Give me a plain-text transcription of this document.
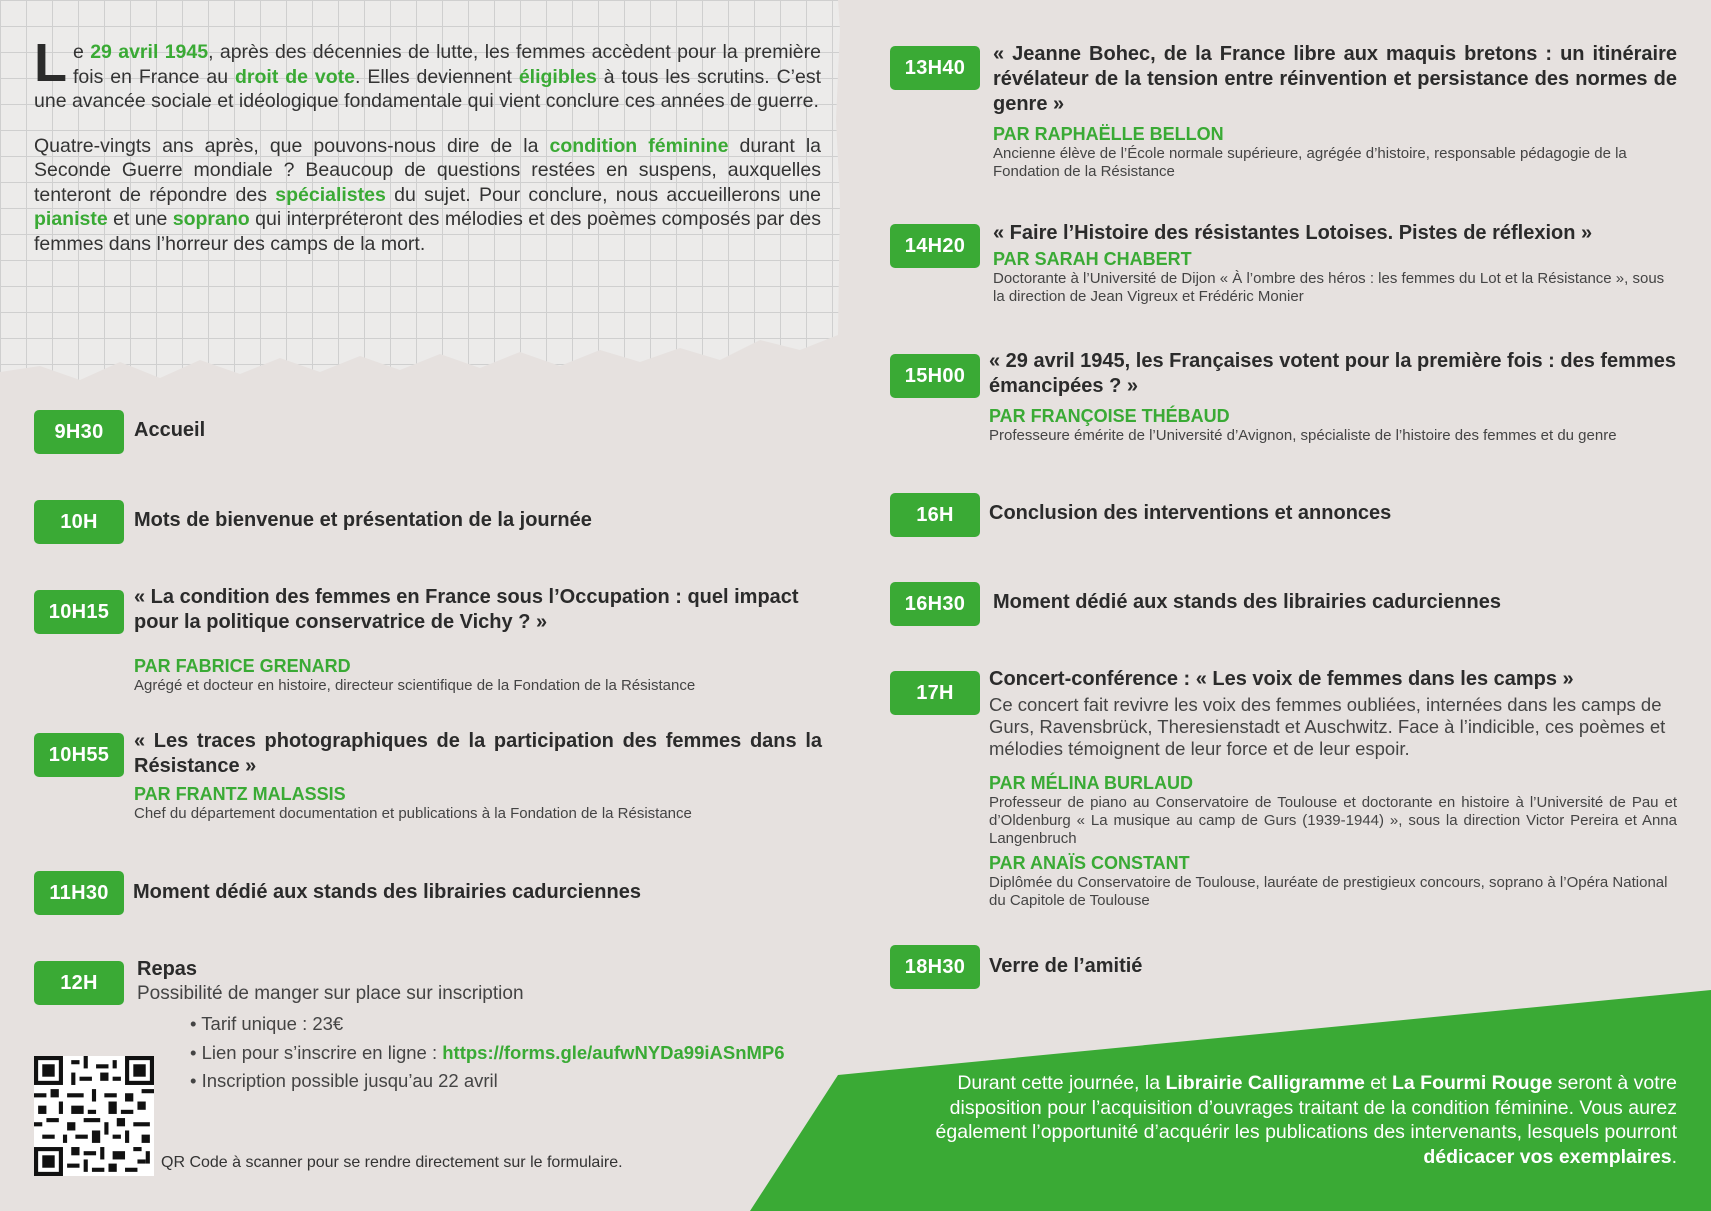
L e 29 avril 1945, après des décennies de lutte, les femmes accèdent pour la première fois en France au droit de vote. Elles deviennent éligibles à tous les scrutins. C’est une avancée sociale et idéologique fondamentale qui vient conclure ces années de guerre.

Quatre-vingts ans après, que pouvons-nous dire de la condition féminine durant la Seconde Guerre mondiale ? Beaucoup de questions restées en suspens, auxquelles tenteront de répondre des spécialistes du sujet. Pour conclure, nous accueillerons une pianiste et une soprano qui interpréteront des mélodies et des poèmes composés par des femmes dans l’horreur des camps de la mort.

9H30	Accueil
10H	Mots de bienvenue et présentation de la journée
10H15
« La condition des femmes en France sous l’Occupation : quel impact pour la politique conservatrice de Vichy ? »
PAR FABRICE GRENARD
Agrégé et docteur en histoire, directeur scientifique de la Fondation de la Résistance
10H55
« Les traces photographiques de la participation des femmes dans la Résistance »
PAR FRANTZ MALASSIS
Chef du département documentation et publications à la Fondation de la Résistance
11H30	Moment dédié aux stands des librairies cadurciennes
12H
Repas
Possibilité de manger sur place sur inscription
• Tarif unique : 23€
• Lien pour s’inscrire en ligne : https://forms.gle/aufwNYDa99iASnMP6
• Inscription possible jusqu’au 22 avril
QR Code à scanner pour se rendre directement sur le formulaire.
13H40
« Jeanne Bohec, de la France libre aux maquis bretons : un itinéraire révélateur de la tension entre réinvention et persistance des normes de genre »
PAR RAPHAËLLE BELLON
Ancienne élève de l’École normale supérieure, agrégée d’histoire, responsable pédagogie de la Fondation de la Résistance
14H20
« Faire l’Histoire des résistantes Lotoises. Pistes de réflexion »
PAR SARAH CHABERT
Doctorante à l’Université de Dijon « À l’ombre des héros : les femmes du Lot et la Résistance », sous la direction de Jean Vigreux et Frédéric Monier
15H00
« 29 avril 1945, les Françaises votent pour la première fois : des femmes émancipées ? »
PAR FRANÇOISE THÉBAUD
Professeure émérite de l’Université d’Avignon, spécialiste de l’histoire des femmes et du genre
16H	Conclusion des interventions et annonces
16H30	Moment dédié aux stands des librairies cadurciennes
17H
Concert-conférence : « Les voix de femmes dans les camps »
Ce concert fait revivre les voix des femmes oubliées, internées dans les camps de Gurs, Ravensbrück, Theresienstadt et Auschwitz. Face à l’indicible, ces poèmes et mélodies témoignent de leur force et de leur espoir.
PAR MÉLINA BURLAUD
Professeur de piano au Conservatoire de Toulouse et doctorante en histoire à l’Université de Pau et d’Oldenburg « La musique au camp de Gurs (1939-1944) », sous la direction Victor Pereira et Anna Langenbruch
PAR ANAÏS CONSTANT
Diplômée du Conservatoire de Toulouse, lauréate de prestigieux concours, soprano à l’Opéra National du Capitole de Toulouse
18H30	Verre de l’amitié
Durant cette journée, la Librairie Calligramme et La Fourmi Rouge seront à votre disposition pour l’acquisition d’ouvrages traitant de la condition féminine. Vous aurez également l’opportunité d’acquérir les publications des intervenants, lesquels pourront dédicacer vos exemplaires.
